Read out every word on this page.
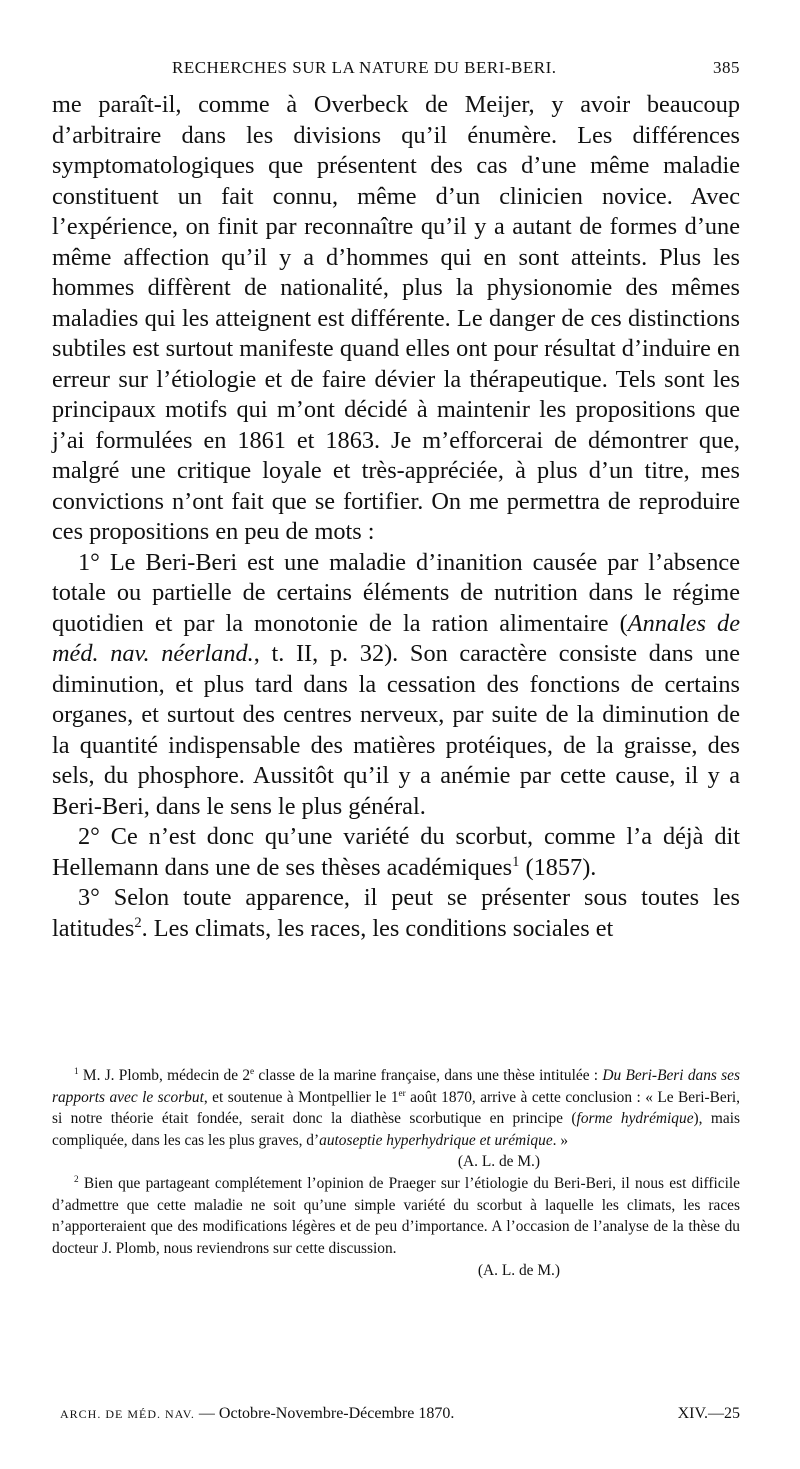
RECHERCHES SUR LA NATURE DU BERI-BERI.	385

me paraît-il, comme à Overbeck de Meijer, y avoir beaucoup d’arbitraire dans les divisions qu’il énumère. Les différences symptomatologiques que présentent des cas d’une même maladie constituent un fait connu, même d’un clinicien novice. Avec l’expérience, on finit par reconnaître qu’il y a autant de formes d’une même affection qu’il y a d’hommes qui en sont atteints. Plus les hommes diffèrent de nationalité, plus la physionomie des mêmes maladies qui les atteignent est différente. Le danger de ces distinctions subtiles est surtout manifeste quand elles ont pour résultat d’induire en erreur sur l’étiologie et de faire dévier la thérapeutique. Tels sont les principaux motifs qui m’ont décidé à maintenir les propositions que j’ai formulées en 1861 et 1863. Je m’efforcerai de démontrer que, malgré une critique loyale et très-appréciée, à plus d’un titre, mes convictions n’ont fait que se fortifier. On me permettra de reproduire ces propositions en peu de mots :

1° Le Beri-Beri est une maladie d’inanition causée par l’absence totale ou partielle de certains éléments de nutrition dans le régime quotidien et par la monotonie de la ration alimentaire (Annales de méd. nav. néerland., t. II, p. 32). Son caractère consiste dans une diminution, et plus tard dans la cessation des fonctions de certains organes, et surtout des centres nerveux, par suite de la diminution de la quantité indispensable des matières protéiques, de la graisse, des sels, du phosphore. Aussitôt qu’il y a anémie par cette cause, il y a Beri-Beri, dans le sens le plus général.

2° Ce n’est donc qu’une variété du scorbut, comme l’a déjà dit Hellemann dans une de ses thèses académiques$^1$ (1857).

3° Selon toute apparence, il peut se présenter sous toutes les latitudes$^2$. Les climats, les races, les conditions sociales et

$^1$ M. J. Plomb, médecin de 2e classe de la marine française, dans une thèse intitulée : Du Beri-Beri dans ses rapports avec le scorbut, et soutenue à Montpellier le 1er août 1870, arrive à cette conclusion : « Le Beri-Beri, si notre théorie était fondée, serait donc la diathèse scorbutique en principe (forme hydrémique), mais compliquée, dans les cas les plus graves, d’autoseptie hyperhydrique et urémique. »
(A. L. de M.)

$^2$ Bien que partageant complétement l’opinion de Praeger sur l’étiologie du Beri-Beri, il nous est difficile d’admettre que cette maladie ne soit qu’une simple variété du scorbut à laquelle les climats, les races n’apporteraient que des modifications légères et de peu d’importance. A l’occasion de l’analyse de la thèse du docteur J. Plomb, nous reviendrons sur cette discussion.
(A. L. de M.)

ARCH. DE MÉD. NAV. — Octobre-Novembre-Décembre 1870.	XIV.—25
